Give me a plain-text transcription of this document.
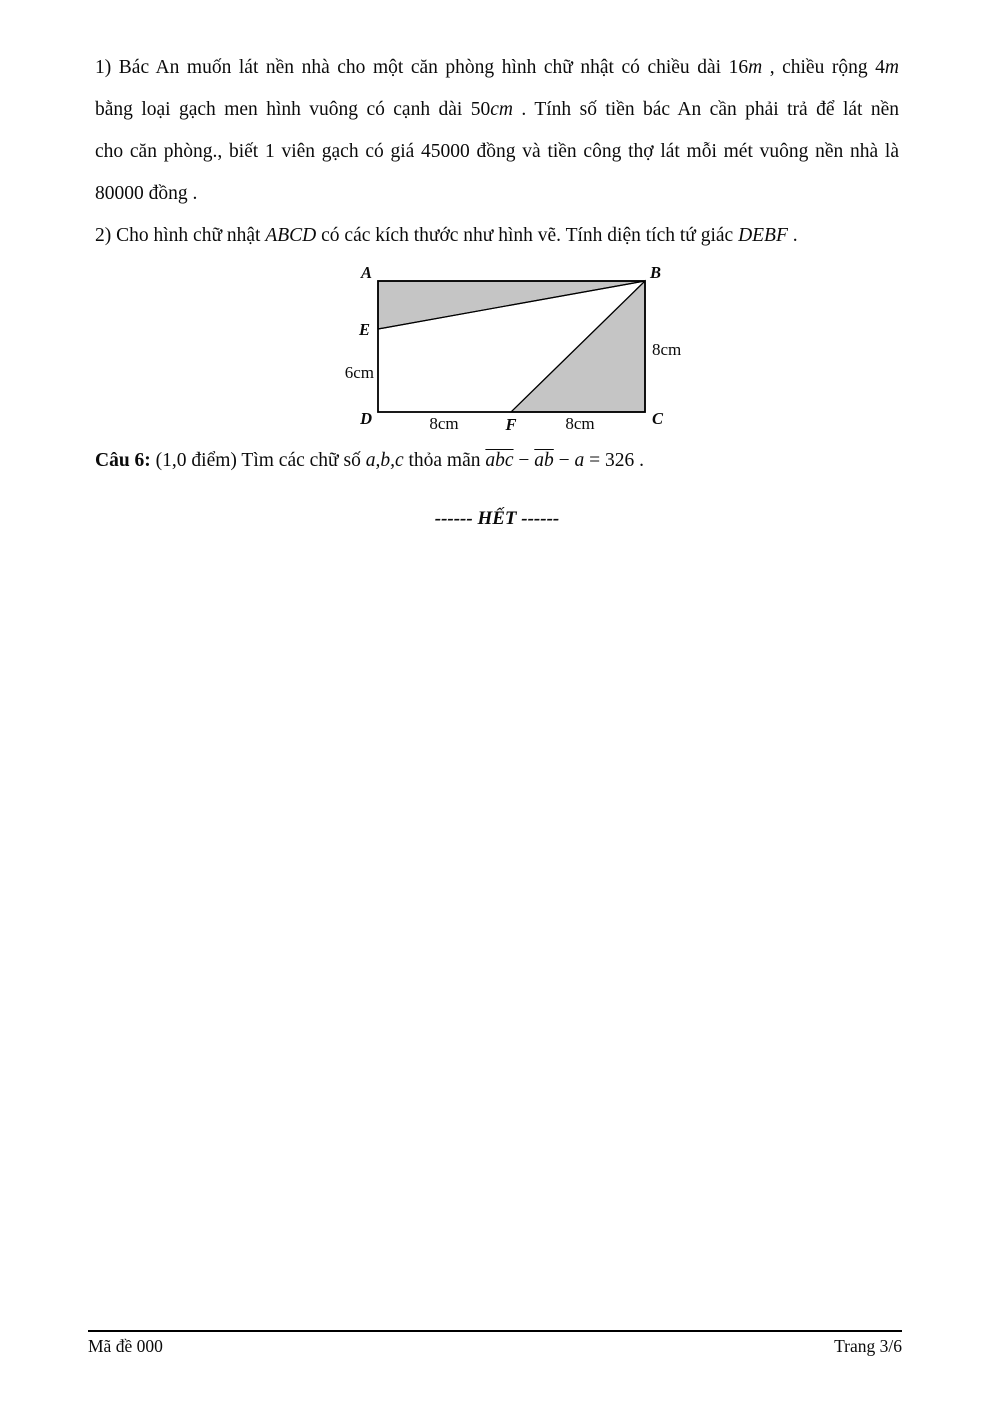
1) Bác An muốn lát nền nhà cho một căn phòng hình chữ nhật có chiều dài 16m , chiều rộng 4m

bằng loại gạch men hình vuông có cạnh dài 50cm . Tính số tiền bác An cần phải trả để lát nền

cho căn phòng., biết 1 viên gạch có giá 45000 đồng và tiền công thợ lát mỗi mét vuông nền nhà là

80000 đồng .

2) Cho hình chữ nhật ABCD có các kích thước như hình vẽ. Tính diện tích tứ giác DEBF .

A	B
E
D	C
F
6cm
8cm
8cm	8cm

Câu 6: (1,0 điểm) Tìm các chữ số a,b,c thỏa mãn $\overline{abc} - \overline{ab} - a = 326$ .

------ HẾT ------

Mã đề 000	Trang 3/6
